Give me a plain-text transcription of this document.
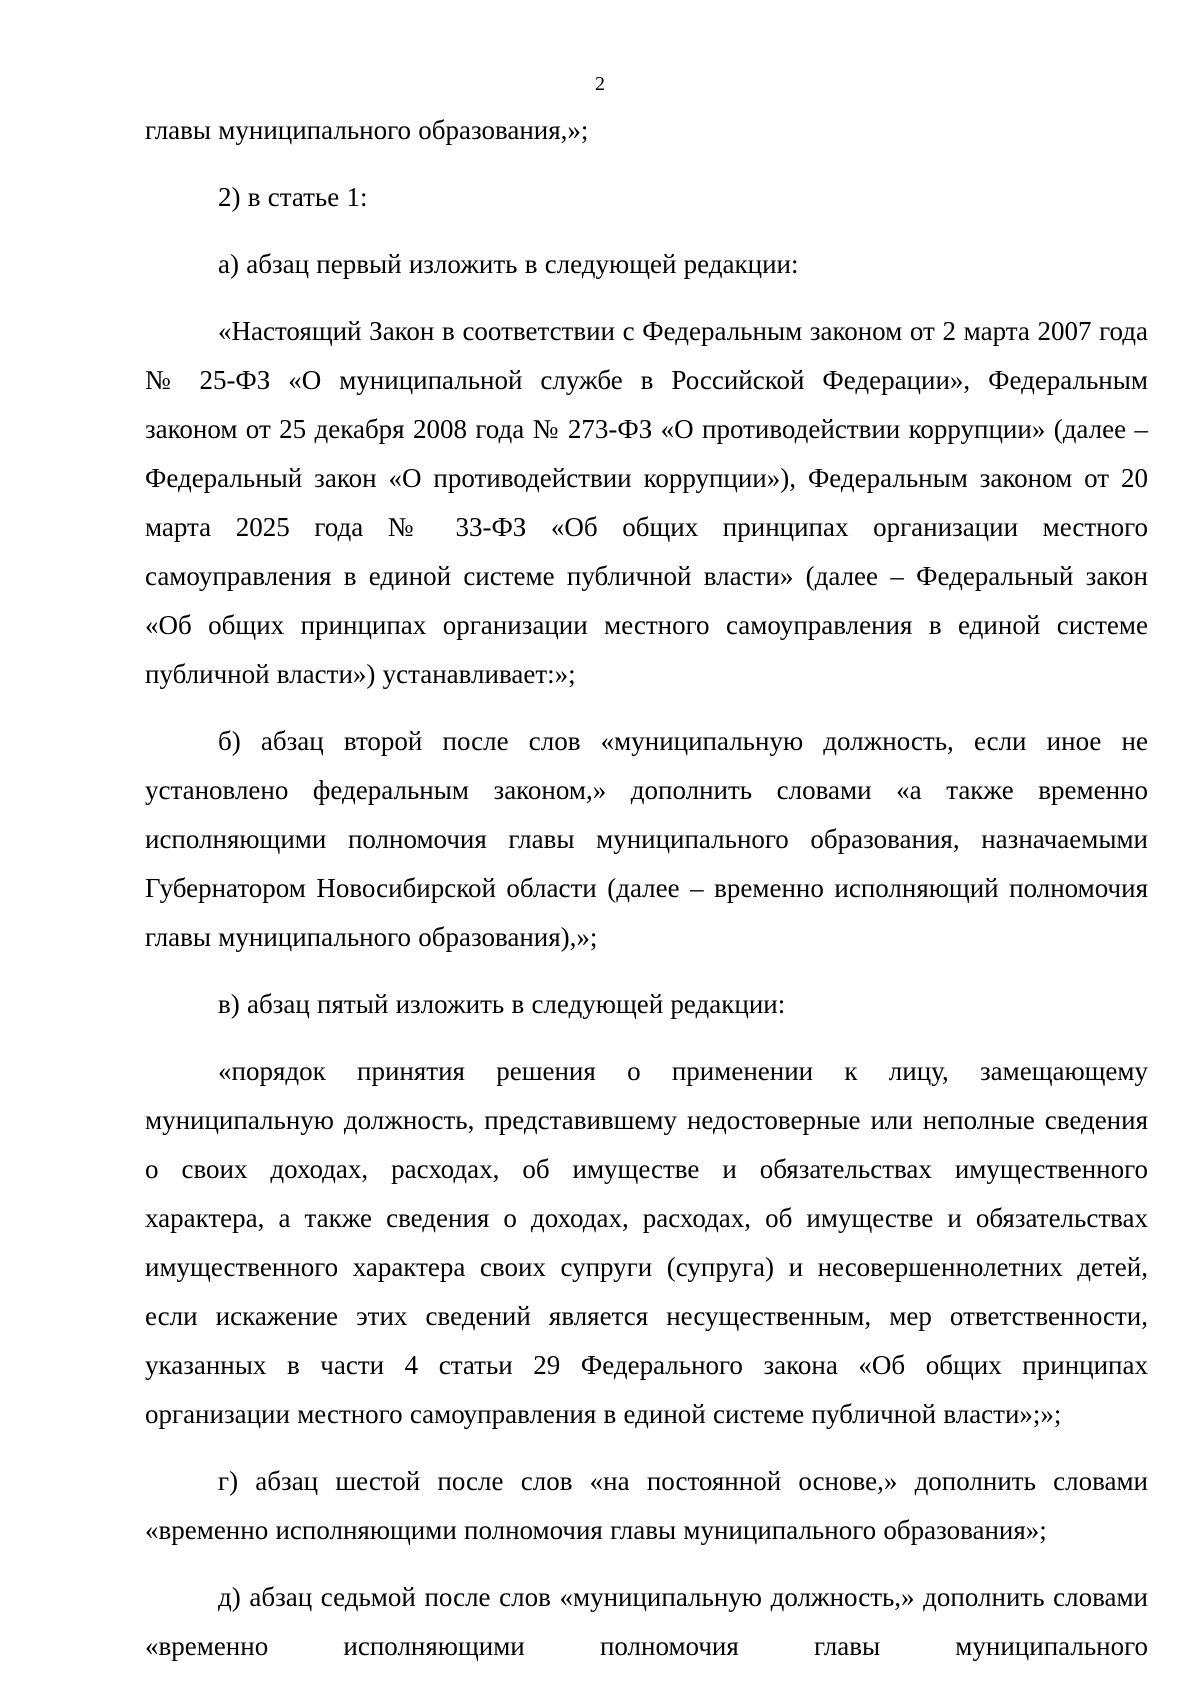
2

главы муниципального образования,»;

2) в статье 1:

а) абзац первый изложить в следующей редакции:

«Настоящий Закон в соответствии с Федеральным законом от 2 марта 2007 года № 25-ФЗ «О муниципальной службе в Российской Федерации», Федеральным законом от 25 декабря 2008 года № 273-ФЗ «О противодействии коррупции» (далее – Федеральный закон «О противодействии коррупции»), Федеральным законом от 20 марта 2025 года № 33-ФЗ «Об общих принципах организации местного самоуправления в единой системе публичной власти» (далее – Федеральный закон «Об общих принципах организации местного самоуправления в единой системе публичной власти») устанавливает:»;

б) абзац второй после слов «муниципальную должность, если иное не установлено федеральным законом,» дополнить словами «а также временно исполняющими полномочия главы муниципального образования, назначаемыми Губернатором Новосибирской области (далее – временно исполняющий полномочия главы муниципального образования),»;

в) абзац пятый изложить в следующей редакции:

«порядок принятия решения о применении к лицу, замещающему муниципальную должность, представившему недостоверные или неполные сведения о своих доходах, расходах, об имуществе и обязательствах имущественного характера, а также сведения о доходах, расходах, об имуществе и обязательствах имущественного характера своих супруги (супруга) и несовершеннолетних детей, если искажение этих сведений является несущественным, мер ответственности, указанных в части 4 статьи 29 Федерального закона «Об общих принципах организации местного самоуправления в единой системе публичной власти»;»;

г) абзац шестой после слов «на постоянной основе,» дополнить словами «временно исполняющими полномочия главы муниципального образования»;

д) абзац седьмой после слов «муниципальную должность,» дополнить словами «временно исполняющими полномочия главы муниципального
